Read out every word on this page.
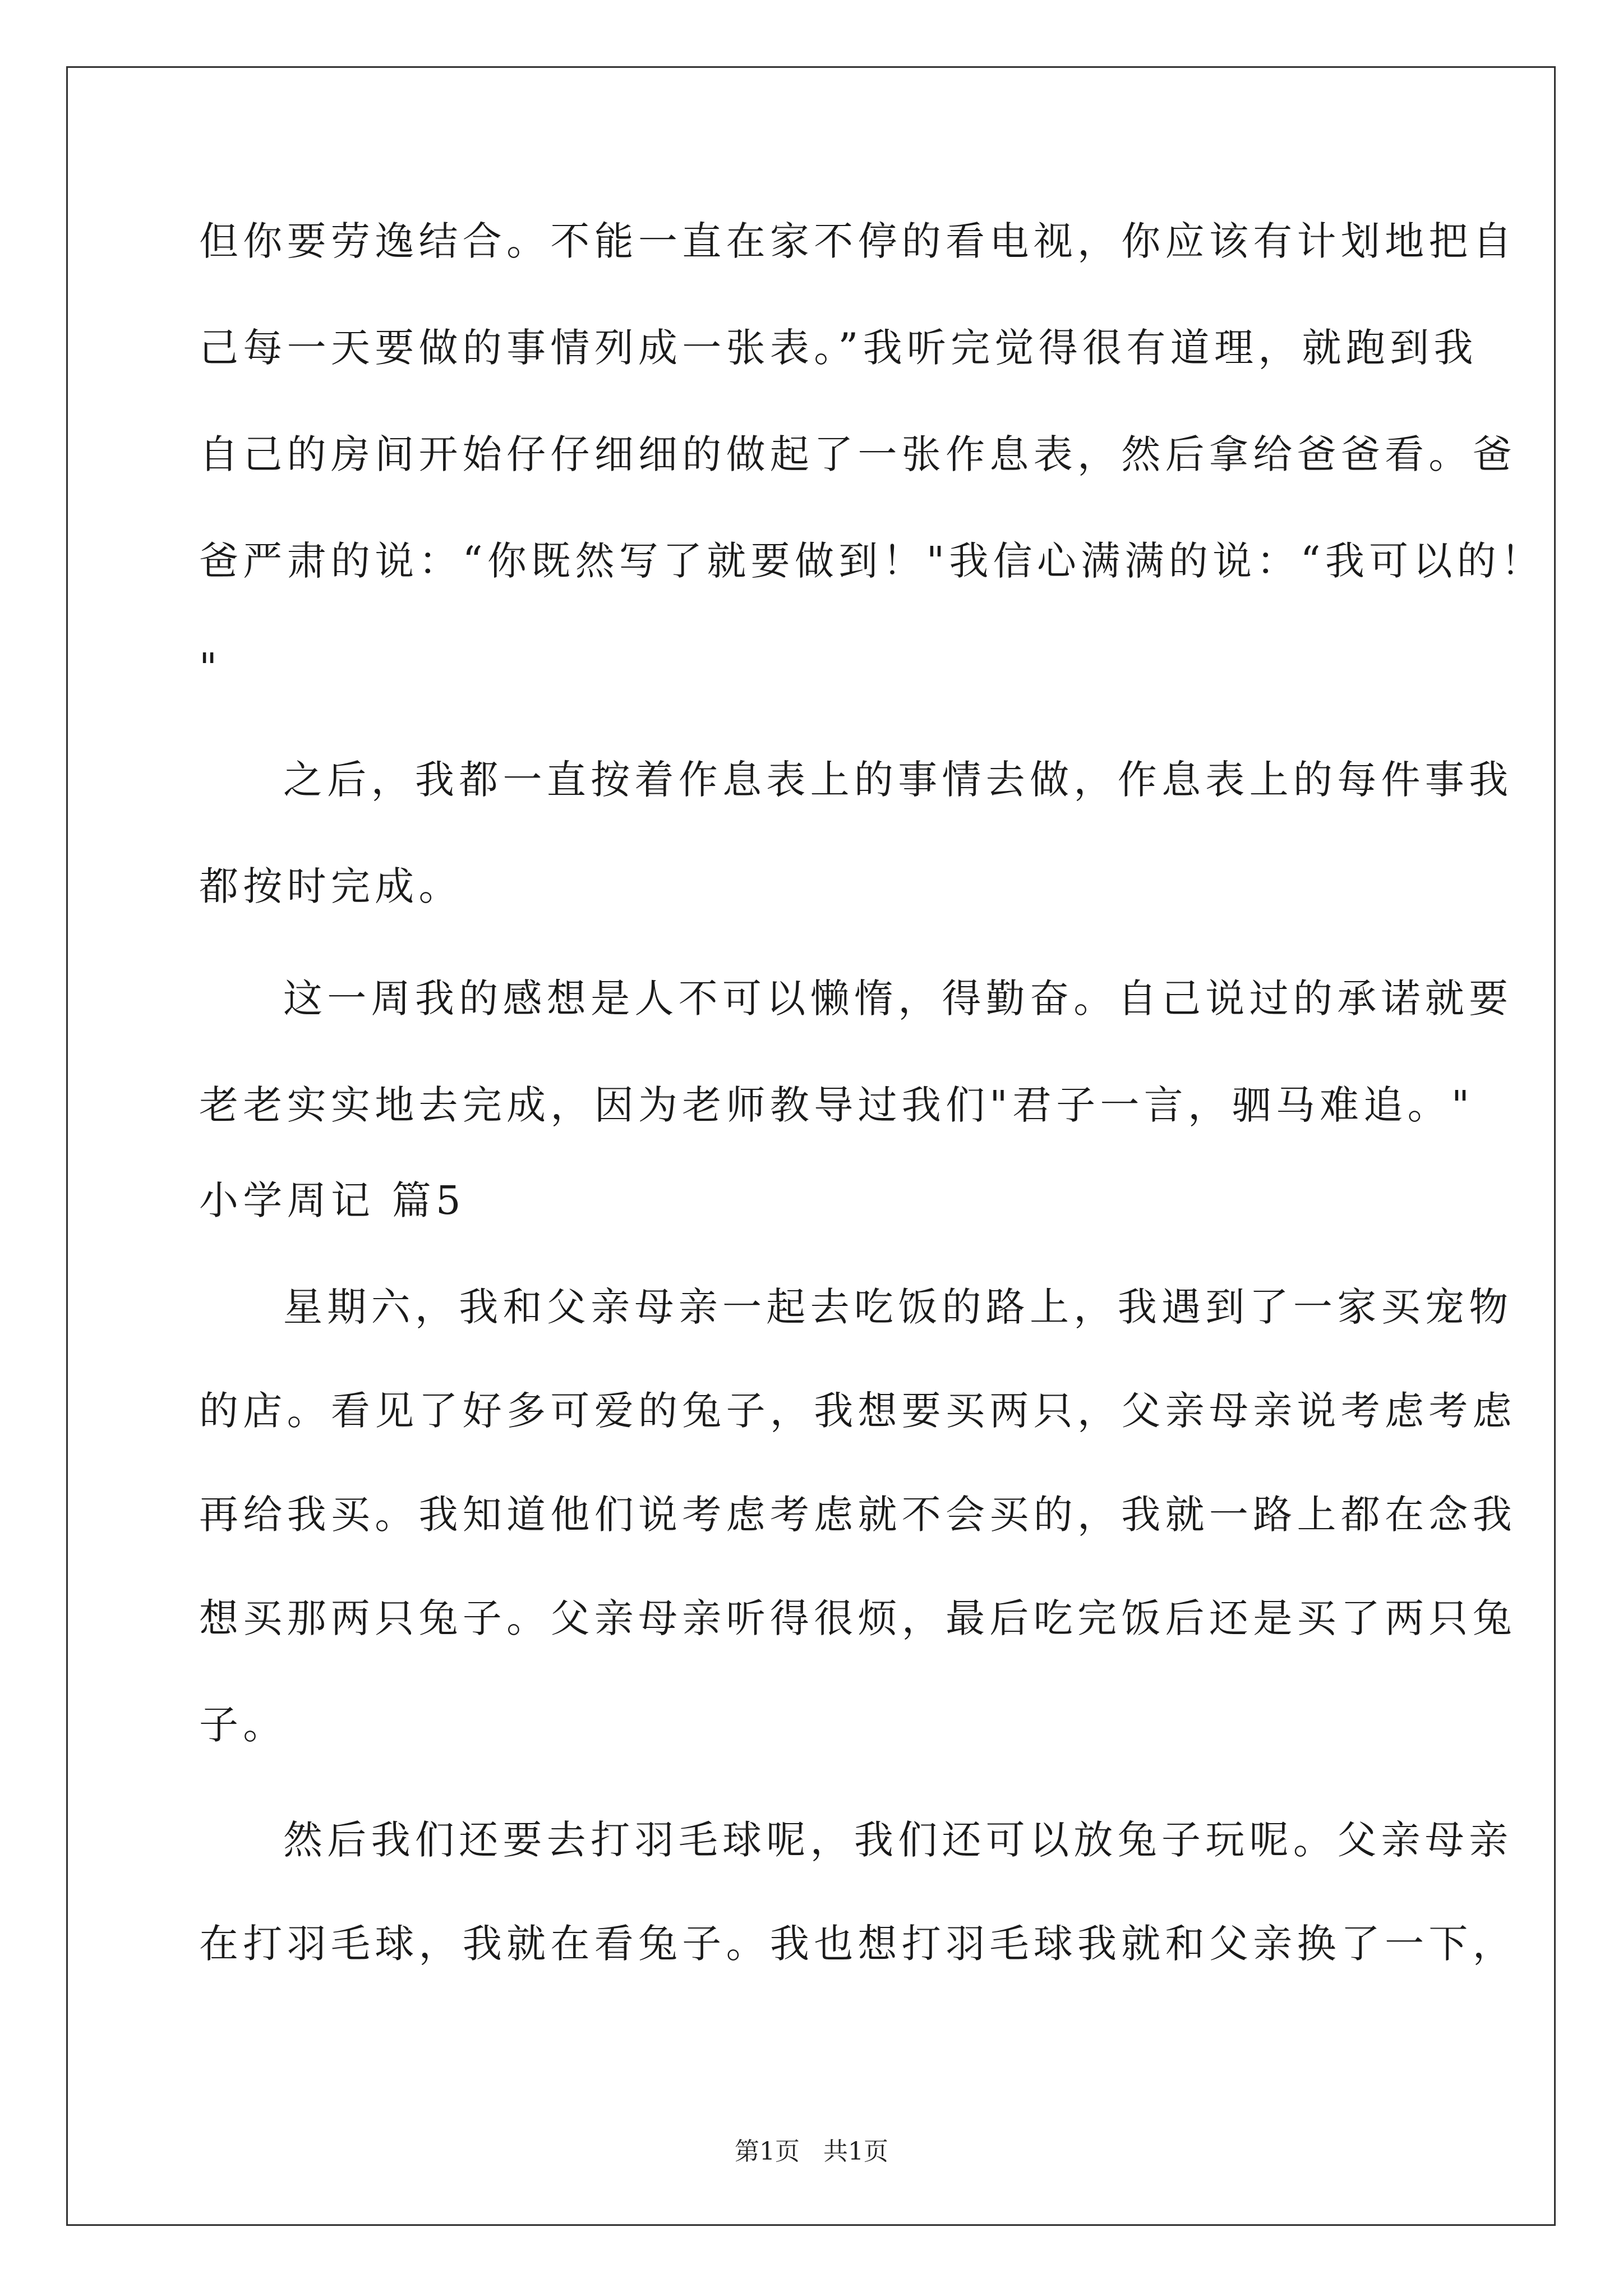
但你要劳逸结合。不能一直在家不停的看电视，你应该有计划地把自
己每一天要做的事情列成一张表。”我听完觉得很有道理，就跑到我
自己的房间开始仔仔细细的做起了一张作息表，然后拿给爸爸看。爸
爸严肃的说：“你既然写了就要做到！"我信心满满的说：“我可以的！
"
之后，我都一直按着作息表上的事情去做，作息表上的每件事我
都按时完成。
这一周我的感想是人不可以懒惰，得勤奋。自己说过的承诺就要
老老实实地去完成，因为老师教导过我们"君子一言，驷马难追。"
小学周记 篇5
星期六，我和父亲母亲一起去吃饭的路上，我遇到了一家买宠物
的店。看见了好多可爱的兔子，我想要买两只，父亲母亲说考虑考虑
再给我买。我知道他们说考虑考虑就不会买的，我就一路上都在念我
想买那两只兔子。父亲母亲听得很烦，最后吃完饭后还是买了两只兔
子。
然后我们还要去打羽毛球呢，我们还可以放兔子玩呢。父亲母亲
在打羽毛球，我就在看兔子。我也想打羽毛球我就和父亲换了一下，
第1页   共1页
